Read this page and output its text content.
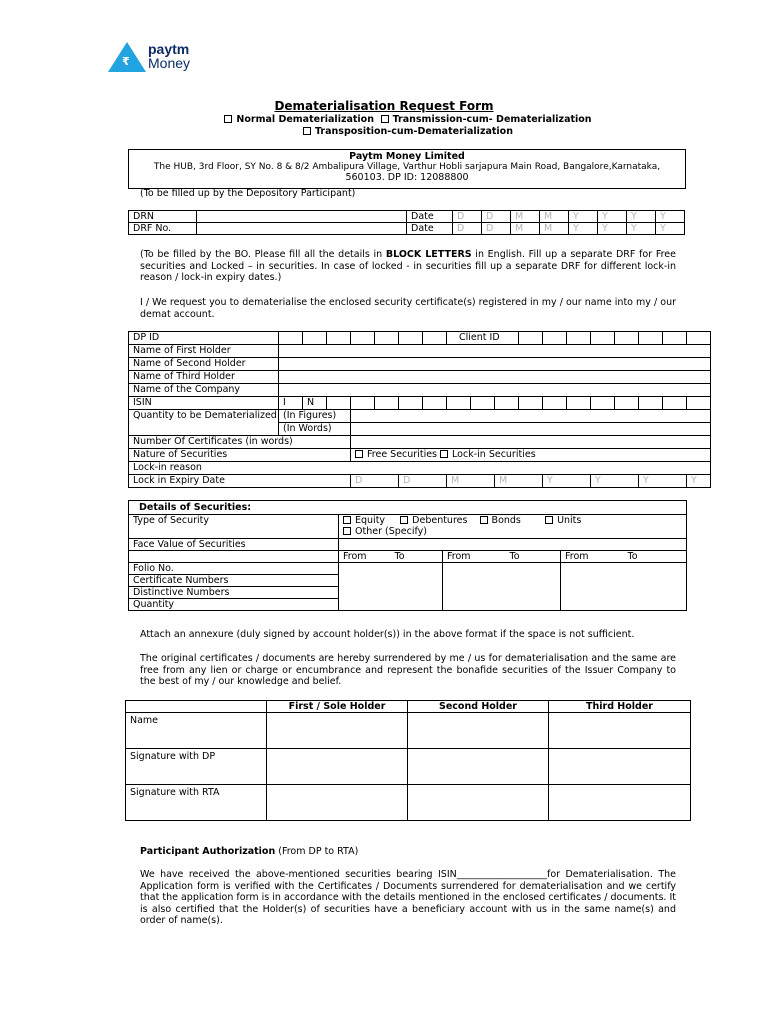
₹
paytm
Money
Dematerialisation Request Form
Normal Dematerialization Transmission-cum- Dematerialization
Transposition-cum-Dematerialization
Paytm Money Limited
The HUB, 3rd Floor, SY No. 8 & 8/2 Ambalipura Village, Varthur Hobli sarjapura Main Road, Bangalore,Karnataka,
560103. DP ID: 12088800
(To be filled up by the Depository Participant)
DRN		Date	D	D	M	M	Y	Y	Y	Y
DRF No.		Date	D	D	M	M	Y	Y	Y	Y
(To be filled by the BO. Please fill all the details in BLOCK LETTERS in English. Fill up a separate DRF for Free securities and Locked – in securities. In case of locked - in securities fill up a separate DRF for different lock-in reason / lock-in expiry dates.)
I / We request you to dematerialise the enclosed security certificate(s) registered in my / our name into my / our demat account.
DP ID									Client ID										
Name of First Holder																			
Name of Second Holder																			
Name of Third Holder																			
Name of the Company																			
ISIN		I	N																
Quantity to be Dematerialized		(In Figures)																	
		(In Words)																	
Number Of Certificates (in words)																			
Nature of Securities					Free Securities Lock-in Securities														
Lock-in reason																			
Lock in Expiry Date					D		D		M		M		Y		Y		Y		Y
Details of Securities:						
Type of Security	Equity Debentures Bonds Units
Other (Specify)					
Face Value of Securities						
	From	To	From	To	From	To
Folio No.						
Certificate Numbers						
Distinctive Numbers						
Quantity						
Attach an annexure (duly signed by account holder(s)) in the above format if the space is not sufficient.
The original certificates / documents are hereby surrendered by me / us for dematerialisation and the same are free from any lien or charge or encumbrance and represent the bonafide securities of the Issuer Company to the best of my / our knowledge and belief.
	First / Sole Holder	Second Holder	Third Holder
Name			
Signature with DP			
Signature with RTA			
Participant Authorization (From DP to RTA)
We have received the above-mentioned securities bearing ISIN___________________for Dematerialisation. The Application form is verified with the Certificates / Documents surrendered for dematerialisation and we certify that the application form is in accordance with the details mentioned in the enclosed certificates / documents. It is also certified that the Holder(s) of securities have a beneficiary account with us in the same name(s) and order of name(s).
